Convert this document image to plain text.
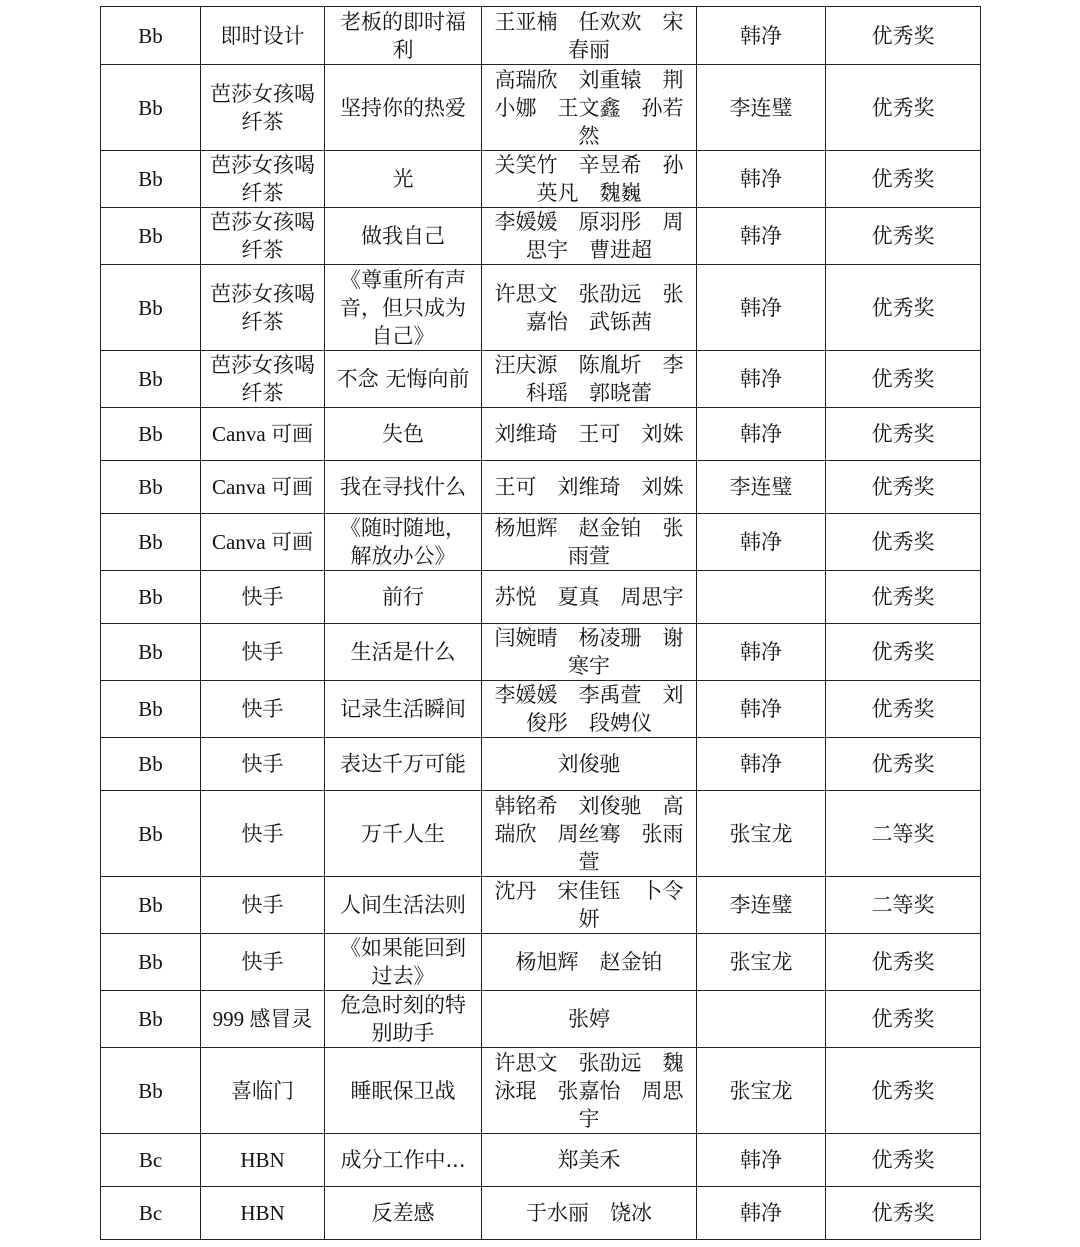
Bb	即时设计	老板的即时福利	王亚楠　任欢欢　宋春丽	韩净	优秀奖
Bb	芭莎女孩喝纤茶	坚持你的热爱	高瑞欣　刘重辕　荆小娜　王文鑫　孙若然	李连璧	优秀奖
Bb	芭莎女孩喝纤茶	光	关笑竹　辛昱希　孙英凡　魏巍	韩净	优秀奖
Bb	芭莎女孩喝纤茶	做我自己	李媛媛　原羽彤　周思宇　曹进超	韩净	优秀奖
Bb	芭莎女孩喝纤茶	《尊重所有声音，但只成为自己》	许思文　张劭远　张嘉怡　武铄茜	韩净	优秀奖
Bb	芭莎女孩喝纤茶	不念 无悔向前	汪庆源　陈胤圻　李科瑶　郭晓蕾	韩净	优秀奖
Bb	Canva 可画	失色	刘维琦　王可　刘姝	韩净	优秀奖
Bb	Canva 可画	我在寻找什么	王可　刘维琦　刘姝	李连璧	优秀奖
Bb	Canva 可画	《随时随地，解放办公》	杨旭辉　赵金铂　张雨萱	韩净	优秀奖
Bb	快手	前行	苏悦　夏真　周思宇		优秀奖
Bb	快手	生活是什么	闫婉晴　杨凌珊　谢寒宇	韩净	优秀奖
Bb	快手	记录生活瞬间	李媛媛　李禹萱　刘俊彤　段娉仪	韩净	优秀奖
Bb	快手	表达千万可能	刘俊驰	韩净	优秀奖
Bb	快手	万千人生	韩铭希　刘俊驰　高瑞欣　周丝骞　张雨萱	张宝龙	二等奖
Bb	快手	人间生活法则	沈丹　宋佳钰　卜令妍	李连璧	二等奖
Bb	快手	《如果能回到过去》	杨旭辉　赵金铂	张宝龙	优秀奖
Bb	999 感冒灵	危急时刻的特别助手	张婷		优秀奖
Bb	喜临门	睡眠保卫战	许思文　张劭远　魏泳琨　张嘉怡　周思宇	张宝龙	优秀奖
Bc	HBN	成分工作中...	郑美禾	韩净	优秀奖
Bc	HBN	反差感	于水丽　饶冰	韩净	优秀奖
